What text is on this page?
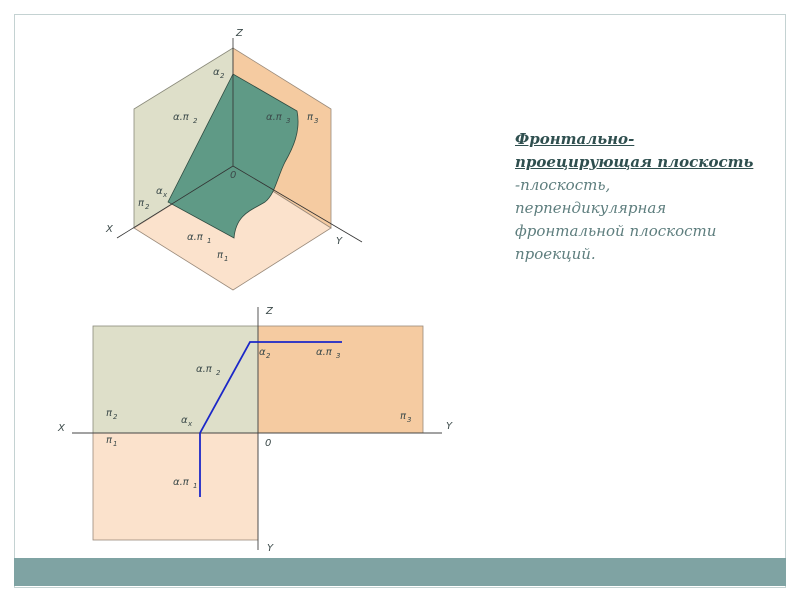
Z
X
Y
0
α 2
α.π 2	α.π 3 π 3
π 2
α x
α.π 1
π 1
Z
X	Y
Y
0
α 2	α.π 3
α.π 2
π 2	α x
π 3
π 1
α.π 1
Фронтально-проецирующая плоскость -плоскость, перпендикулярная фронтальной плоскости проекций.
